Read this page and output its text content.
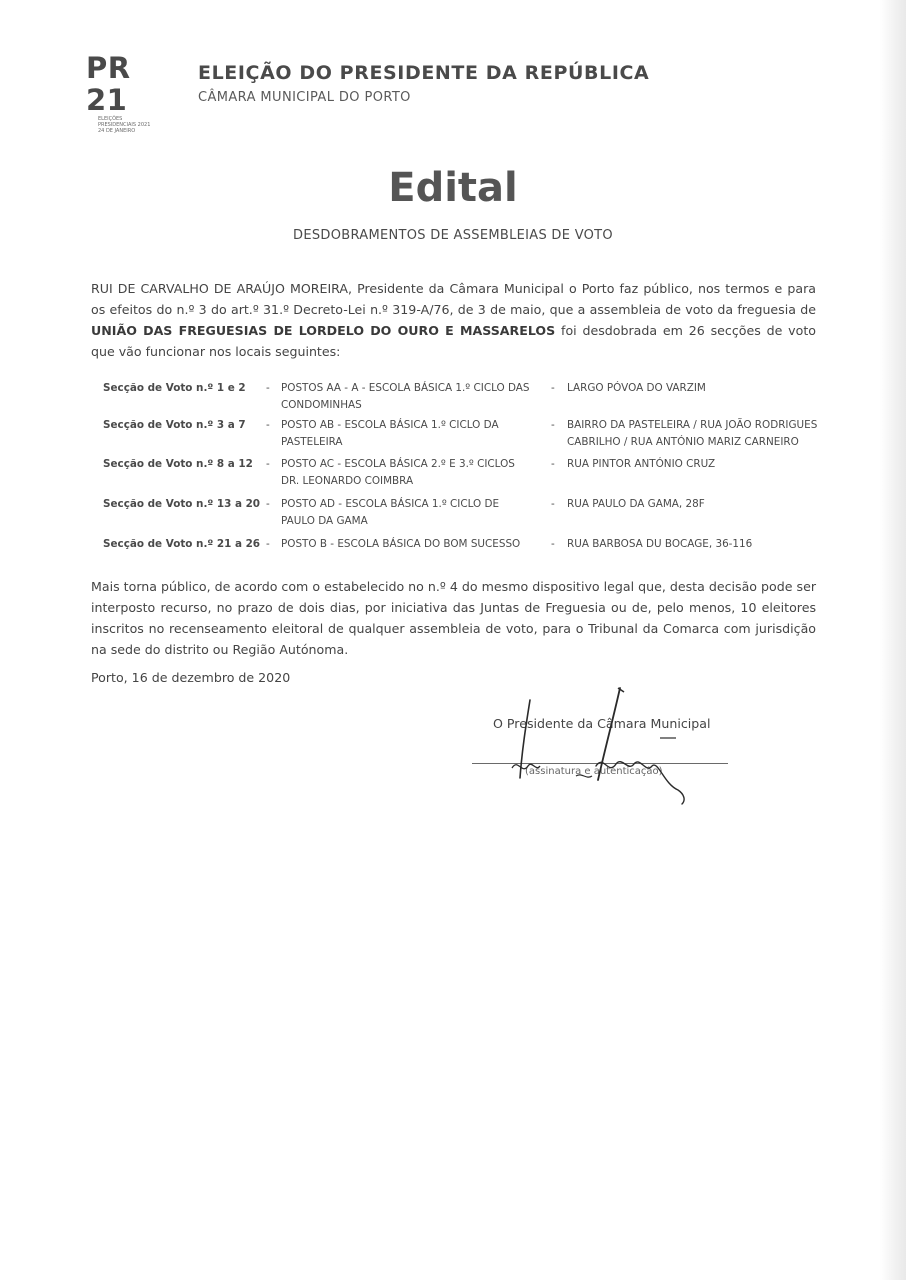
PR 21
ELEIÇÕES
PRESIDENCIAIS 2021
24 DE JANEIRO
ELEIÇÃO DO PRESIDENTE DA REPÚBLICA
CÂMARA MUNICIPAL DO PORTO
Edital
DESDOBRAMENTOS DE ASSEMBLEIAS DE VOTO
RUI DE CARVALHO DE ARAÚJO MOREIRA, Presidente da Câmara Municipal o Porto faz público, nos termos e para os efeitos do n.º 3 do art.º 31.º Decreto-Lei n.º 319-A/76, de 3 de maio, que a assembleia de voto da freguesia de UNIÃO DAS FREGUESIAS DE LORDELO DO OURO E MASSARELOS foi desdobrada em 26 secções de voto que vão funcionar nos locais seguintes:
Secção de Voto n.º 1 e 2 - POSTOS AA - A - ESCOLA BÁSICA 1.º CICLO DAS CONDOMINHAS
- LARGO PÓVOA DO VARZIM
Secção de Voto n.º 3 a 7 - POSTO AB - ESCOLA BÁSICA 1.º CICLO DA PASTELEIRA
- BAIRRO DA PASTELEIRA / RUA JOÃO RODRIGUES CABRILHO / RUA ANTÓNIO MARIZ CARNEIRO
Secção de Voto n.º 8 a 12 - POSTO AC - ESCOLA BÁSICA 2.º E 3.º CICLOS DR. LEONARDO COIMBRA
- RUA PINTOR ANTÓNIO CRUZ
Secção de Voto n.º 13 a 20 - POSTO AD - ESCOLA BÁSICA 1.º CICLO DE PAULO DA GAMA
- RUA PAULO DA GAMA, 28F
Secção de Voto n.º 21 a 26 - POSTO B - ESCOLA BÁSICA DO BOM SUCESSO	- RUA BARBOSA DU BOCAGE, 36-116
Mais torna público, de acordo com o estabelecido no n.º 4 do mesmo dispositivo legal que, desta decisão pode ser interposto recurso, no prazo de dois dias, por iniciativa das Juntas de Freguesia ou de, pelo menos, 10 eleitores inscritos no recenseamento eleitoral de qualquer assembleia de voto, para o Tribunal da Comarca com jurisdição na sede do distrito ou Região Autónoma.
Porto, 16 de dezembro de 2020
O Presidente da Câmara Municipal
(assinatura e autenticação)
